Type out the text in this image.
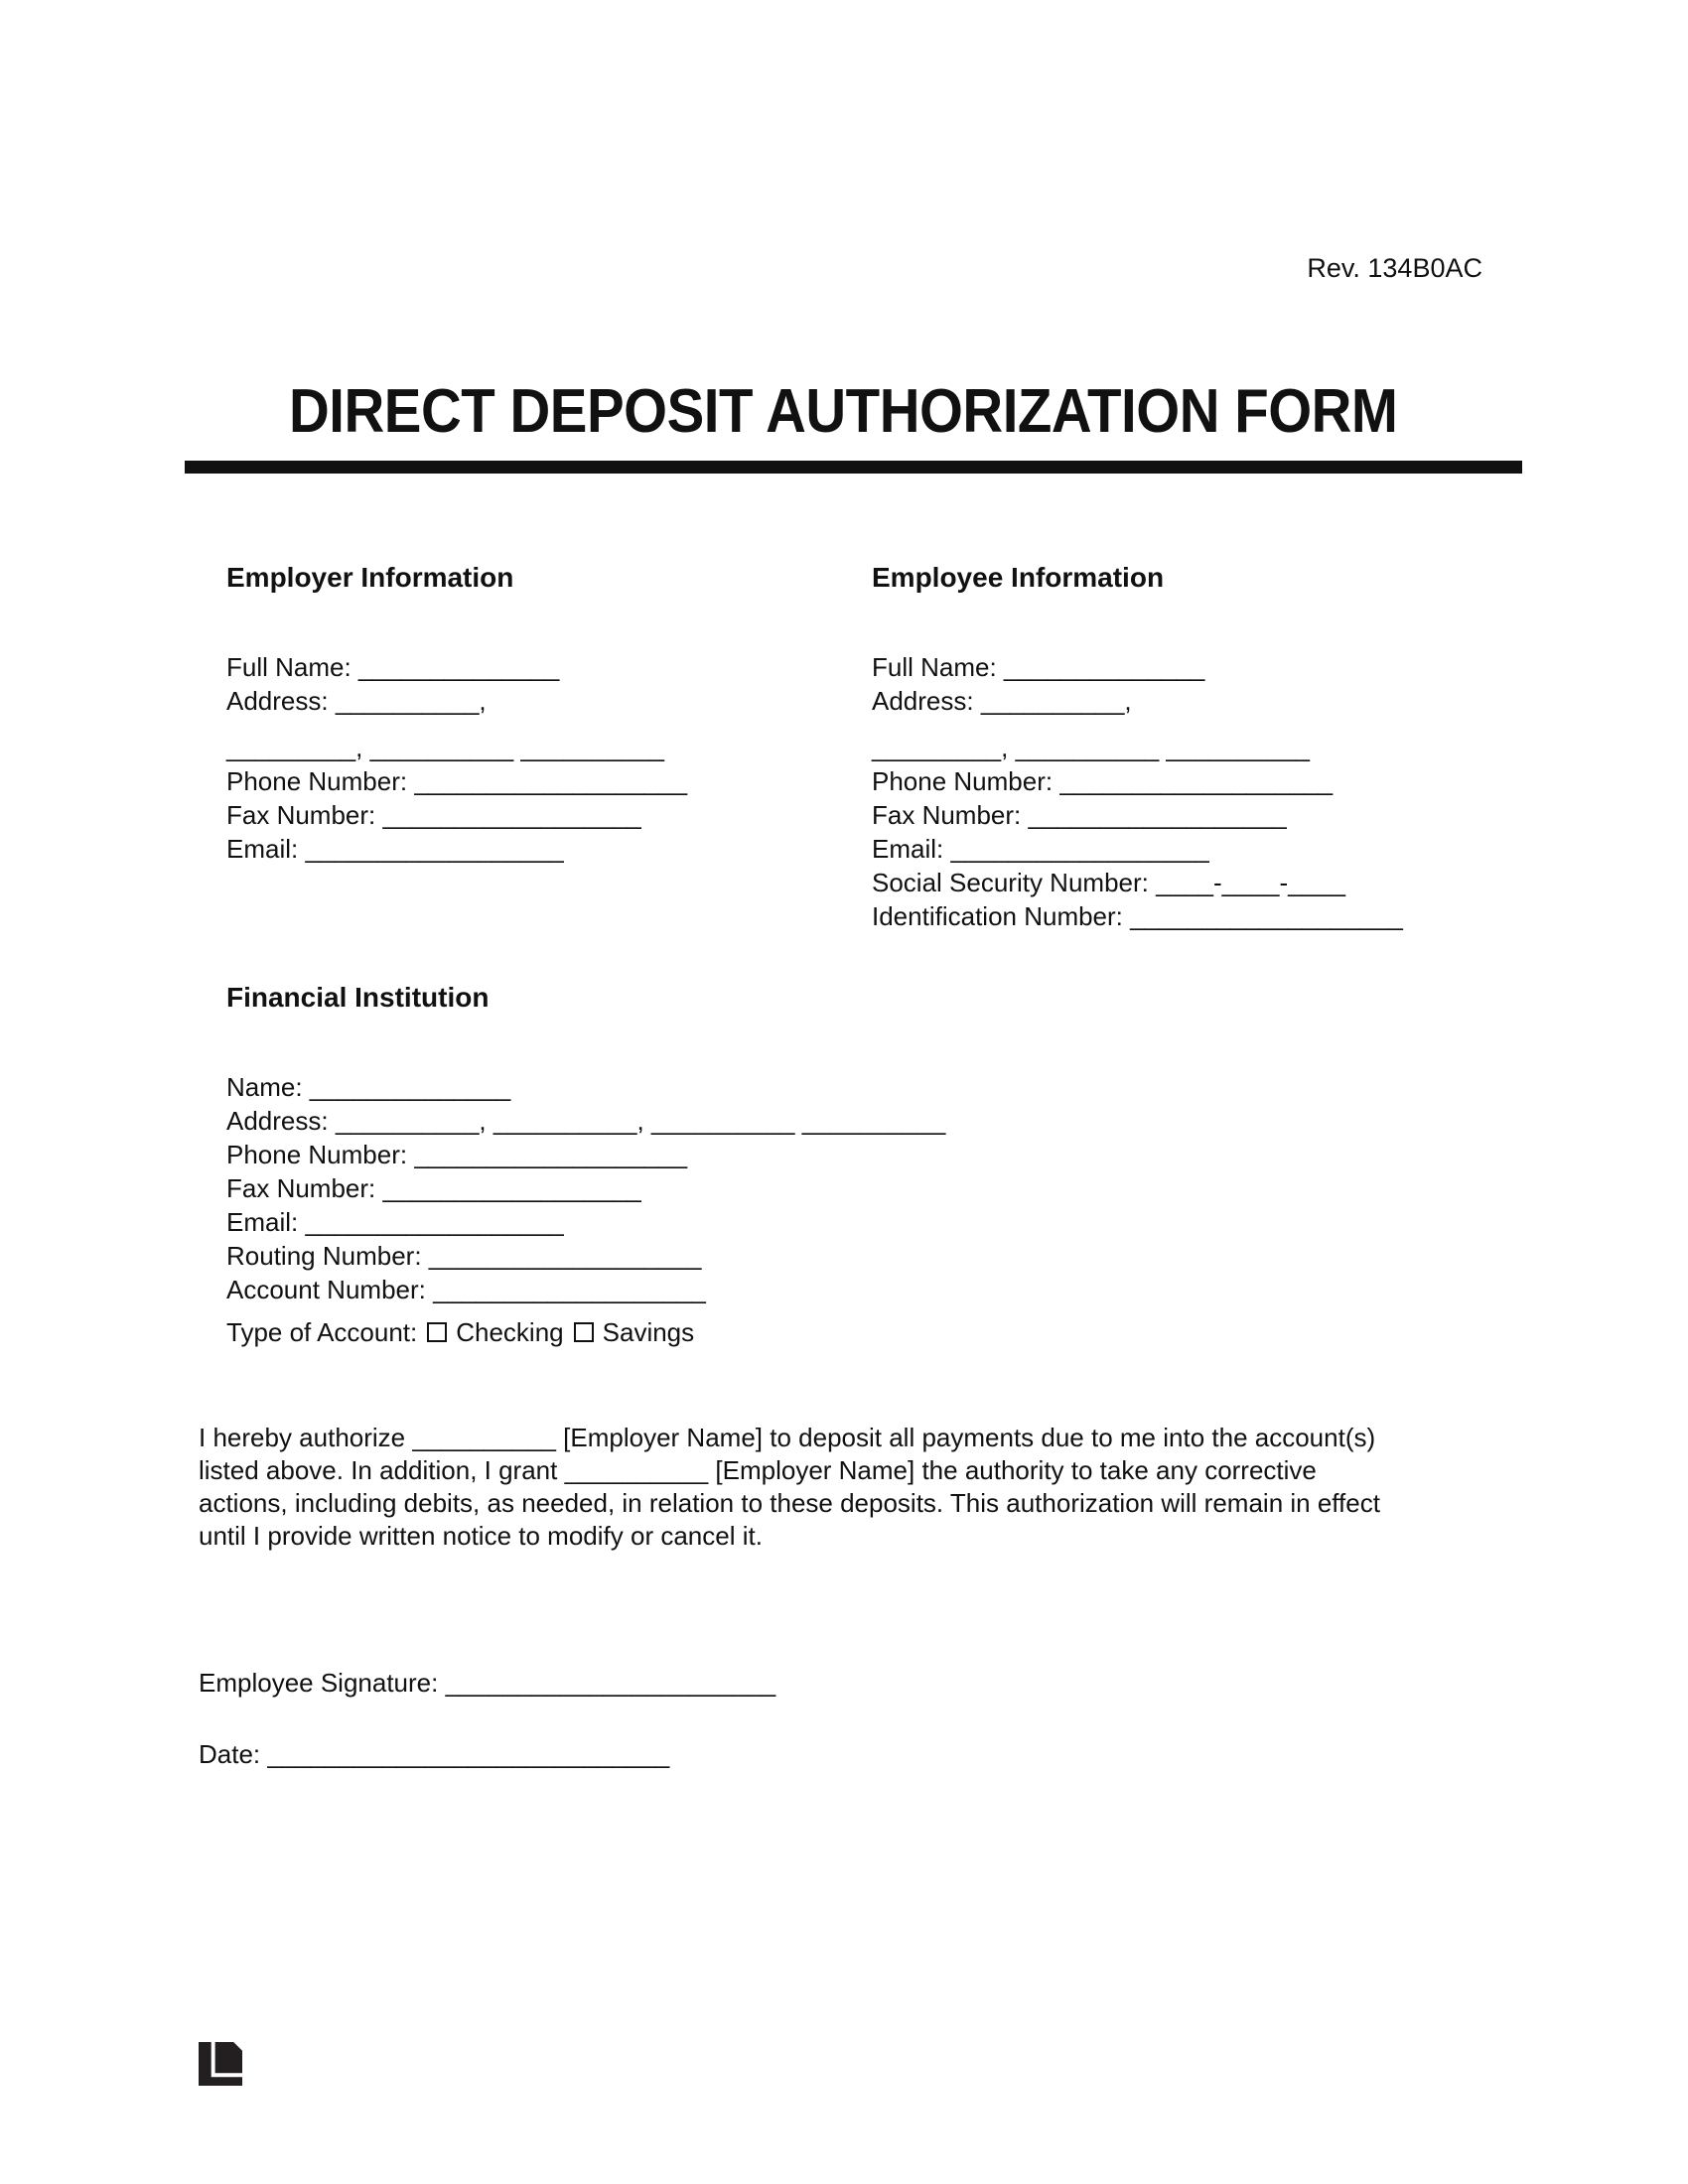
Rev. 134B0AC
DIRECT DEPOSIT AUTHORIZATION FORM
Employer Information
Full Name: ______________
Address: __________,
_________, __________ __________
Phone Number: ___________________
Fax Number: __________________
Email: __________________
Employee Information
Full Name: ______________
Address: __________,
_________, __________ __________
Phone Number: ___________________
Fax Number: __________________
Email: __________________
Social Security Number: ____-____-____
Identification Number: ___________________
Financial Institution
Name: ______________
Address: __________, __________, __________ __________
Phone Number: ___________________
Fax Number: __________________
Email: __________________
Routing Number: ___________________
Account Number: ___________________
Type of Account: Checking Savings
I hereby authorize __________ [Employer Name] to deposit all payments due to me into the account(s)
listed above. In addition, I grant __________ [Employer Name] the authority to take any corrective
actions, including debits, as needed, in relation to these deposits. This authorization will remain in effect
until I provide written notice to modify or cancel it.
Employee Signature: _______________________
Date: ____________________________
